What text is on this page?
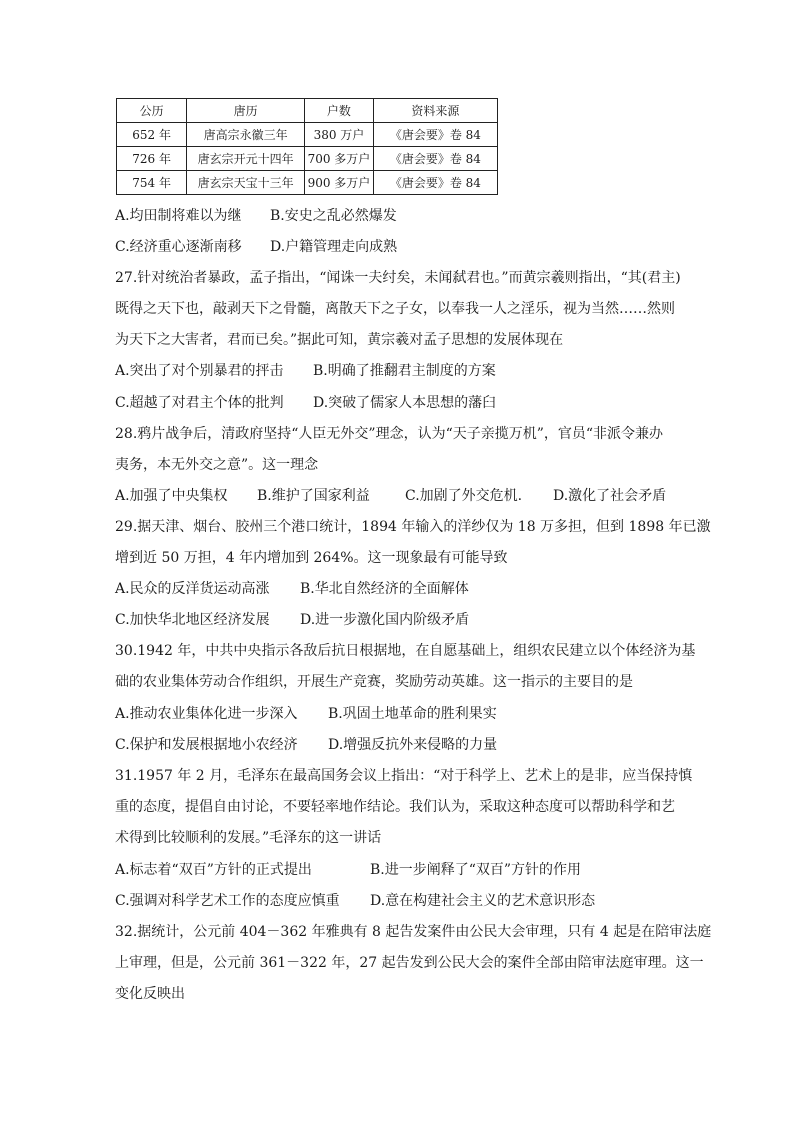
公历	唐历	户数	资料来源
652 年	唐高宗永徽三年	380 万户	《唐会要》卷 84
726 年	唐玄宗开元十四年	700 多万户	《唐会要》卷 84
754 年	唐玄宗天宝十三年	900 多万户	《唐会要》卷 84
A.均田制将难以为继 B.安史之乱必然爆发
C.经济重心逐渐南移 D.户籍管理走向成熟
27.针对统治者暴政，孟子指出，“闻诛一夫纣矣，未闻弑君也。”而黄宗羲则指出，“其(君主)
既得之天下也，敲剥天下之骨髓，离散天下之子女，以奉我一人之淫乐，视为当然……然则
为天下之大害者，君而已矣。”据此可知，黄宗羲对孟子思想的发展体现在
A.突出了对个别暴君的抨击 B.明确了推翻君主制度的方案
C.超越了对君主个体的批判 D.突破了儒家人本思想的藩臼
28.鸦片战争后，清政府坚持“人臣无外交”理念，认为“天子亲揽万机”，官员“非派令兼办
夷务，本无外交之意”。这一理念
A.加强了中央集权 B.维护了国家利益	C.加剧了外交危机. D.激化了社会矛盾
29.据天津、烟台、胶州三个港口统计，1894 年输入的洋纱仅为 18 万多担，但到 1898 年已激
增到近 50 万担，4 年内增加到 264%。这一现象最有可能导致
A.民众的反洋货运动高涨 B.华北自然经济的全面解体
C.加快华北地区经济发展 D.进一步激化国内阶级矛盾
30.1942 年，中共中央指示各敌后抗日根据地，在自愿基础上，组织农民建立以个体经济为基
础的农业集体劳动合作组织，开展生产竞赛，奖励劳动英雄。这一指示的主要目的是
A.推动农业集体化进一步深入 B.巩固土地革命的胜利果实
C.保护和发展根据地小农经济 D.增强反抗外来侵略的力量
31.1957 年 2 月，毛泽东在最高国务会议上指出：“对于科学上、艺术上的是非，应当保持慎
重的态度，提倡自由讨论，不要轻率地作结论。我们认为，采取这种态度可以帮助科学和艺
术得到比较顺利的发展。”毛泽东的这一讲话
A.标志着“双百”方针的正式提出	B.进一步阐释了“双百”方针的作用
C.强调对科学艺术工作的态度应慎重 D.意在构建社会主义的艺术意识形态
32.据统计，公元前 404－362 年雅典有 8 起告发案件由公民大会审理，只有 4 起是在陪审法庭
上审理，但是，公元前 361－322 年，27 起告发到公民大会的案件全部由陪审法庭审理。这一
变化反映出
